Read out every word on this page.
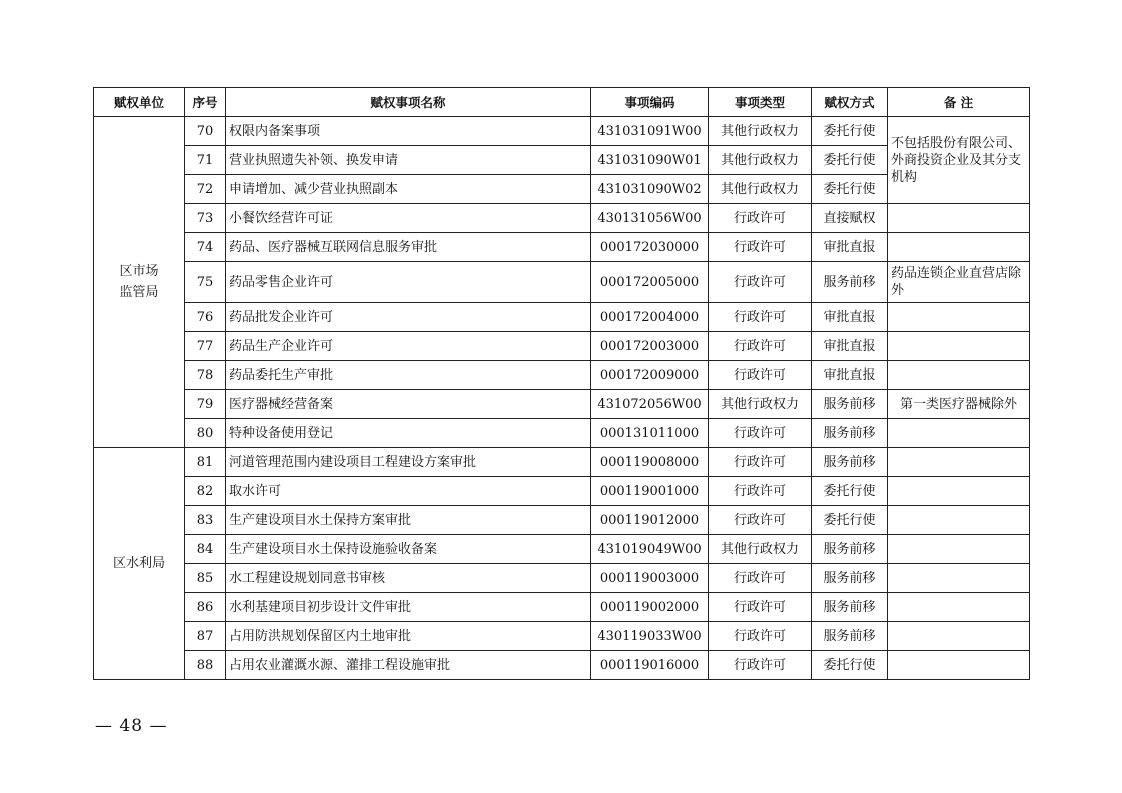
赋权单位	序号	赋权事项名称	事项编码	事项类型	赋权方式	备 注
区市场
监管局	70	权限内备案事项	431031091W00	其他行政权力	委托行使	不包括股份有限公司、外商投资企业及其分支机构
	71	营业执照遗失补领、换发申请	431031090W01	其他行政权力	委托行使	
	72	申请增加、减少营业执照副本	431031090W02	其他行政权力	委托行使	
	73	小餐饮经营许可证	430131056W00	行政许可	直接赋权	
	74	药品、医疗器械互联网信息服务审批	000172030000	行政许可	审批直报	
	75	药品零售企业许可	000172005000	行政许可	服务前移	药品连锁企业直营店除外
	76	药品批发企业许可	000172004000	行政许可	审批直报	
	77	药品生产企业许可	000172003000	行政许可	审批直报	
	78	药品委托生产审批	000172009000	行政许可	审批直报	
	79	医疗器械经营备案	431072056W00	其他行政权力	服务前移	第一类医疗器械除外
	80	特种设备使用登记	000131011000	行政许可	服务前移	
区水利局	81	河道管理范围内建设项目工程建设方案审批	000119008000	行政许可	服务前移	
	82	取水许可	000119001000	行政许可	委托行使	
	83	生产建设项目水土保持方案审批	000119012000	行政许可	委托行使	
	84	生产建设项目水土保持设施验收备案	431019049W00	其他行政权力	服务前移	
	85	水工程建设规划同意书审核	000119003000	行政许可	服务前移	
	86	水利基建项目初步设计文件审批	000119002000	行政许可	服务前移	
	87	占用防洪规划保留区内土地审批	430119033W00	行政许可	服务前移	
	88	占用农业灌溉水源、灌排工程设施审批	000119016000	行政许可	委托行使	
— 48 —
